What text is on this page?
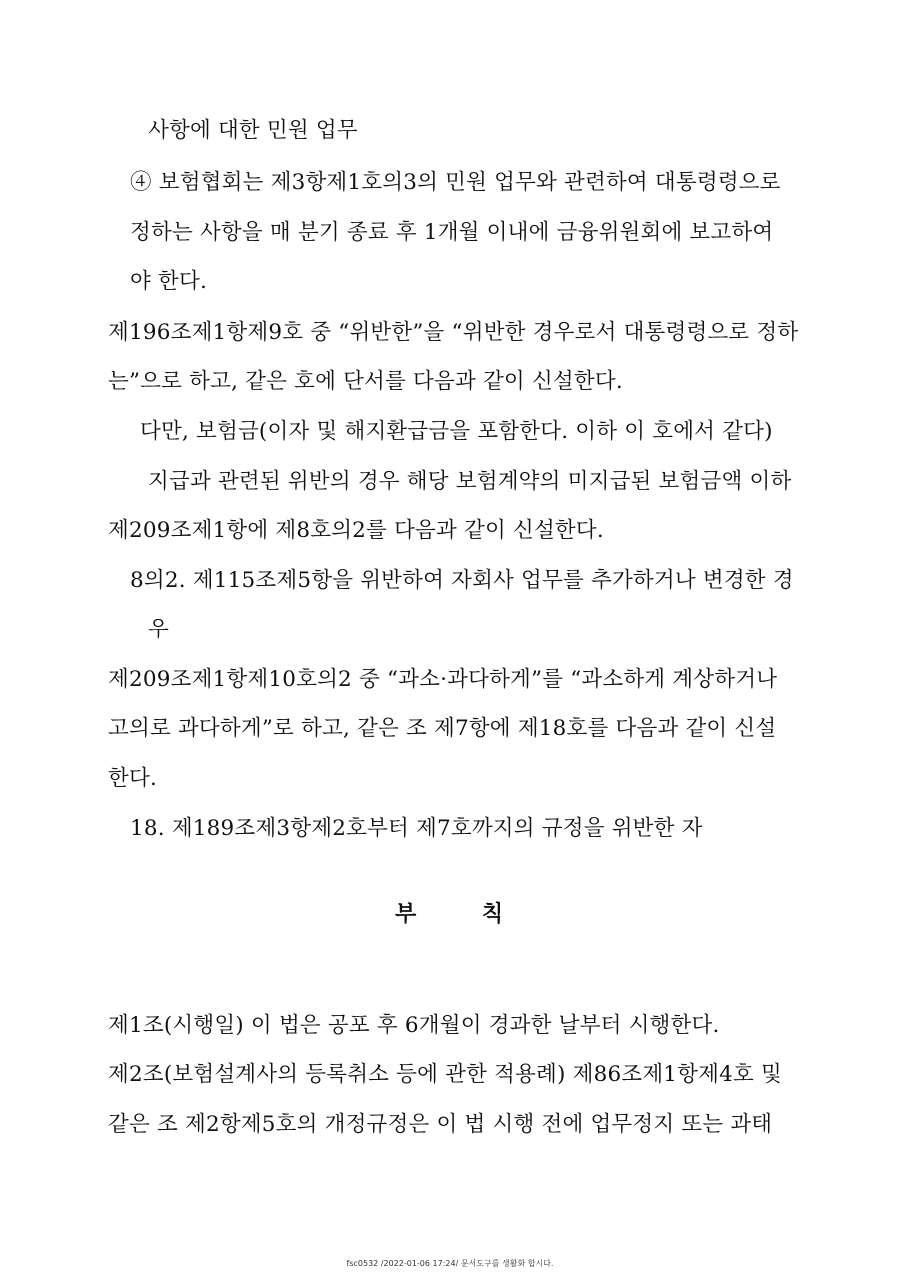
사항에 대한 민원 업무
④ 보험협회는 제3항제1호의3의 민원 업무와 관련하여 대통령령으로
정하는 사항을 매 분기 종료 후 1개월 이내에 금융위원회에 보고하여
야 한다.
제196조제1항제9호 중 “위반한”을 “위반한 경우로서 대통령령으로 정하
는”으로 하고, 같은 호에 단서를 다음과 같이 신설한다.
다만, 보험금(이자 및 해지환급금을 포함한다. 이하 이 호에서 같다)
지급과 관련된 위반의 경우 해당 보험계약의 미지급된 보험금액 이하
제209조제1항에 제8호의2를 다음과 같이 신설한다.
8의2. 제115조제5항을 위반하여 자회사 업무를 추가하거나 변경한 경
우
제209조제1항제10호의2 중 “과소·과다하게”를 “과소하게 계상하거나
고의로 과다하게”로 하고, 같은 조 제7항에 제18호를 다음과 같이 신설
한다.
18. 제189조제3항제2호부터 제7호까지의 규정을 위반한 자
부 칙
제1조(시행일) 이 법은 공포 후 6개월이 경과한 날부터 시행한다.
제2조(보험설계사의 등록취소 등에 관한 적용례) 제86조제1항제4호 및
같은 조 제2항제5호의 개정규정은 이 법 시행 전에 업무정지 또는 과태
fsc0532 /2022-01-06 17:24/ 문서도구를 생활화 합시다.
